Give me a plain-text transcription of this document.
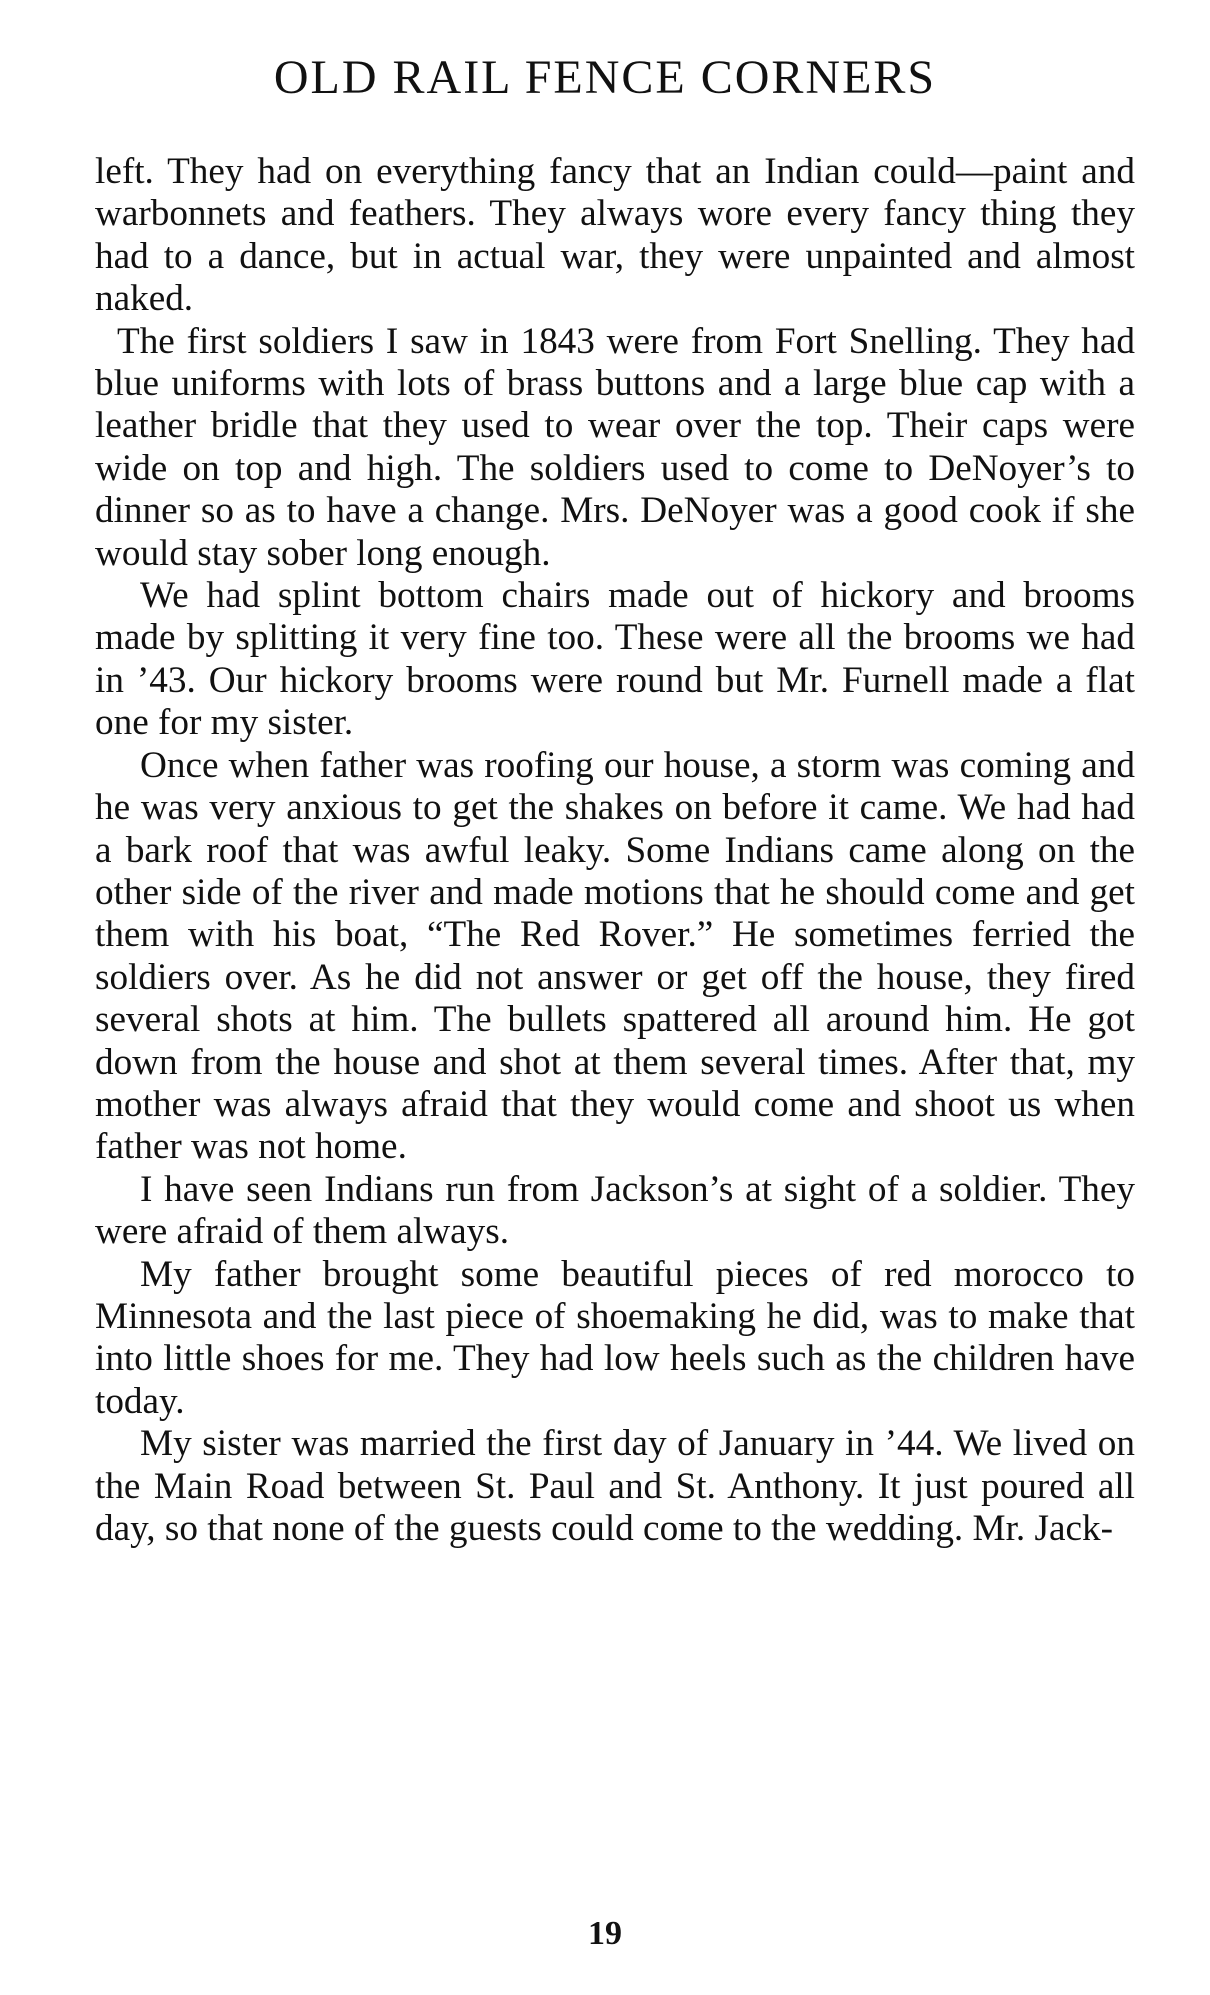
OLD RAIL FENCE CORNERS

left. They had on everything fancy that an Indian could—paint and warbonnets and feathers. They always wore every fancy thing they had to a dance, but in actual war, they were unpainted and almost naked.

The first soldiers I saw in 1843 were from Fort Snelling. They had blue uniforms with lots of brass buttons and a large blue cap with a leather bridle that they used to wear over the top. Their caps were wide on top and high. The soldiers used to come to DeNoyer’s to dinner so as to have a change. Mrs. DeNoyer was a good cook if she would stay sober long enough.

We had splint bottom chairs made out of hickory and brooms made by splitting it very fine too. These were all the brooms we had in ’43. Our hickory brooms were round but Mr. Furnell made a flat one for my sister.

Once when father was roofing our house, a storm was coming and he was very anxious to get the shakes on before it came. We had had a bark roof that was awful leaky. Some Indians came along on the other side of the river and made motions that he should come and get them with his boat, “The Red Rover.” He sometimes ferried the soldiers over. As he did not answer or get off the house, they fired several shots at him. The bullets spattered all around him. He got down from the house and shot at them several times. After that, my mother was always afraid that they would come and shoot us when father was not home.

I have seen Indians run from Jackson’s at sight of a soldier. They were afraid of them always.

My father brought some beautiful pieces of red morocco to Minnesota and the last piece of shoemaking he did, was to make that into little shoes for me. They had low heels such as the children have today.

My sister was married the first day of January in ’44. We lived on the Main Road between St. Paul and St. Anthony. It just poured all day, so that none of the guests could come to the wedding. Mr. Jack-

19
